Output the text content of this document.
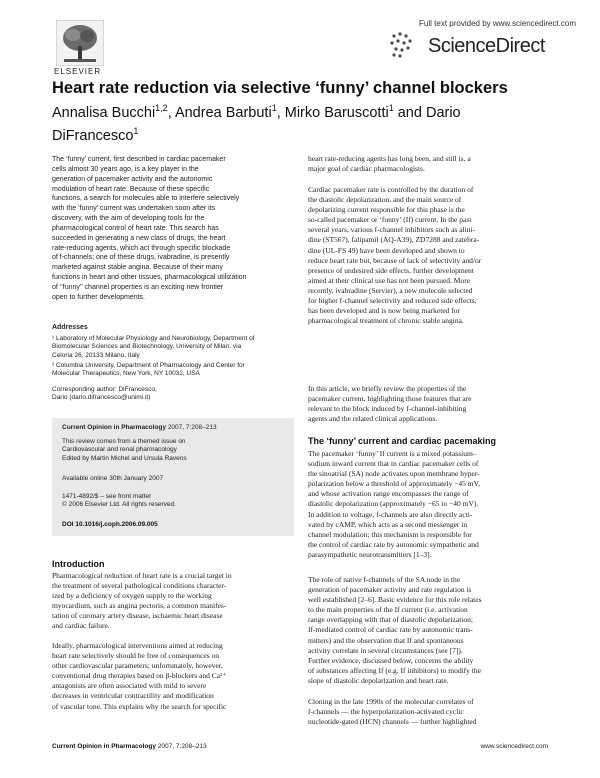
Full text provided by www.sciencedirect.com
ScienceDirect
ELSEVIER
Heart rate reduction via selective ‘funny’ channel blockers
Annalisa Bucchi$^{1,2}$, Andrea Barbuti$^1$, Mirko Baruscotti$^1$ and Dario DiFrancesco$^1$
The ‘funny’ current, first described in cardiac pacemaker
cells almost 30 years ago, is a key player in the
generation of pacemaker activity and the autonomic
modulation of heart rate. Because of these specific
functions, a search for molecules able to interfere selectively
with the ‘funny’ current was undertaken soon after its
discovery, with the aim of developing tools for the
pharmacological control of heart rate. This search has
succeeded in generating a new class of drugs, the heart
rate-reducing agents, which act through specific blockade
of f-channels; one of these drugs, ivabradine, is presently
marketed against stable angina. Because of their many
functions in heart and other tissues, pharmacological utilization
of ‘‘funny’’ channel properties is an exciting new frontier
open to further developments.
Addresses
¹ Laboratory of Molecular Physiology and Neurobiology, Department of
Biomolecular Sciences and Biotechnology, University of Milan, via
Celoria 26, 20133 Milano, Italy
² Columbia University, Department of Pharmacology and Center for
Molecular Therapeutics, New York, NY 10032, USA
Corresponding author: DiFrancesco,
Dario (dario.difrancesco@unimi.it)
Current Opinion in Pharmacology 2007, 7:208–213
This review comes from a themed issue on
Cardiovascular and renal pharmacology
Edited by Martin Michel and Ursula Ravens
Available online 30th January 2007
1471-4892/$ – see front matter
© 2006 Elsevier Ltd. All rights reserved.
DOI 10.1016/j.coph.2006.09.005
Introduction
Pharmacological reduction of heart rate is a crucial target in
the treatment of several pathological conditions character-
ized by a deficiency of oxygen supply to the working
myocardium, such as angina pectoris, a common manifes-
tation of coronary artery disease, ischaemic heart disease
and cardiac failure.
Ideally, pharmacological interventions aimed at reducing
heart rate selectively should be free of consequences on
other cardiovascular parameters; unfortunately, however,
conventional drug therapies based on β-blockers and Ca²⁺
antagonists are often associated with mild to severe
decreases in ventricular contractility and modification
of vascular tone. This explains why the search for specific
heart rate-reducing agents has long been, and still is, a
major goal of cardiac pharmacologists.
Cardiac pacemaker rate is controlled by the duration of
the diastolic depolarization, and the main source of
depolarizing current responsible for this phase is the
so-called pacemaker or ‘funny’ (If) current. In the past
several years, various f-channel inhibitors such as alini-
dine (ST567), falipamil (AQ-A39), ZD7288 and zatebra-
dine (UL-FS 49) have been developed and shown to
reduce heart rate but, because of lack of selectivity and/or
presence of undesired side effects, further development
aimed at their clinical use has not been pursued. More
recently, ivabradine (Servier), a new molecule selected
for higher f-channel selectivity and reduced side effects,
has been developed and is now being marketed for
pharmacological treatment of chronic stable angina.
In this article, we briefly review the properties of the
pacemaker current, highlighting those features that are
relevant to the block induced by f-channel-inhibiting
agents and the related clinical applications.
The ‘funny’ current and cardiac pacemaking
The pacemaker ‘funny’ If current is a mixed potassium–
sodium inward current that in cardiac pacemaker cells of
the sinoatrial (SA) node activates upon membrane hyper-
polarization below a threshold of approximately −45 mV,
and whose activation range encompasses the range of
diastolic depolarization (approximately −65 to −40 mV).
In addition to voltage, f-channels are also directly acti-
vated by cAMP, which acts as a second messenger in
channel modulation; this mechanism is responsible for
the control of cardiac rate by autonomic sympathetic and
parasympathetic neurotransmitters [1–3].
The role of native f-channels of the SA node in the
generation of pacemaker activity and rate regulation is
well established [2–6]. Basic evidence for this role relates
to the main properties of the If current (i.e. activation
range overlapping with that of diastolic depolarization;
If-mediated control of cardiac rate by autonomic trans-
mitters) and the observation that If and spontaneous
activity correlate in several circumstances (see [7]).
Further evidence, discussed below, concerns the ability
of substances affecting If (e.g. If inhibitors) to modify the
slope of diastolic depolarization and heart rate.
Cloning in the late 1990s of the molecular correlates of
f-channels — the hyperpolarization-activated cyclic
nucleotide-gated (HCN) channels — further highlighted
Current Opinion in Pharmacology 2007, 7:208–213	www.sciencedirect.com
